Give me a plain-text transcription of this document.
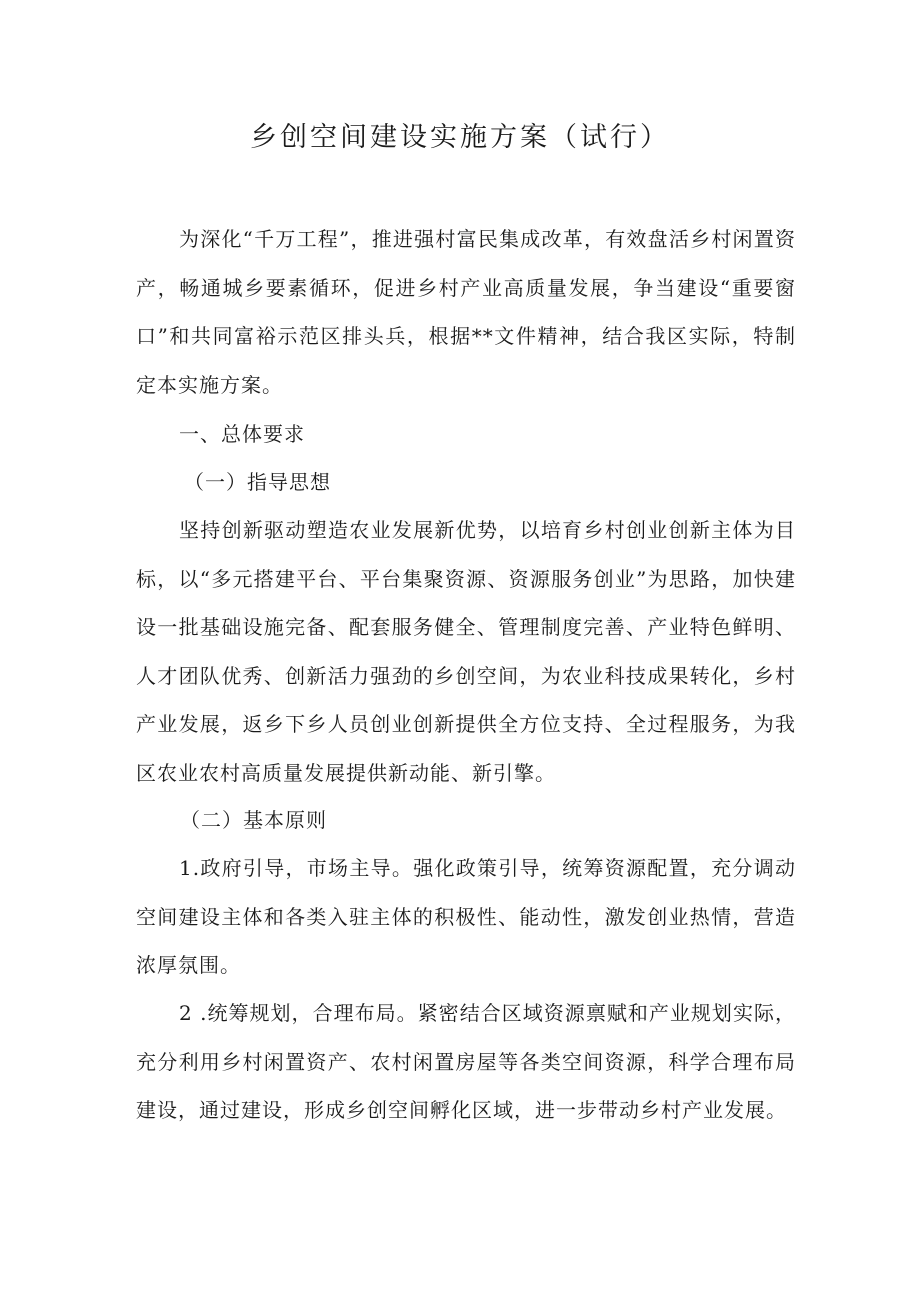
乡创空间建设实施方案（试行）

为深化“千万工程”，推进强村富民集成改革，有效盘活乡村闲置资产，畅通城乡要素循环，促进乡村产业高质量发展，争当建设“重要窗口”和共同富裕示范区排头兵，根据**文件精神，结合我区实际，特制定本实施方案。

一、总体要求

（一）指导思想

坚持创新驱动塑造农业发展新优势，以培育乡村创业创新主体为目标，以“多元搭建平台、平台集聚资源、资源服务创业”为思路，加快建设一批基础设施完备、配套服务健全、管理制度完善、产业特色鲜明、人才团队优秀、创新活力强劲的乡创空间，为农业科技成果转化，乡村产业发展，返乡下乡人员创业创新提供全方位支持、全过程服务，为我区农业农村高质量发展提供新动能、新引擎。

（二）基本原则

1.政府引导，市场主导。强化政策引导，统筹资源配置，充分调动空间建设主体和各类入驻主体的积极性、能动性，激发创业热情，营造浓厚氛围。

2 .统筹规划，合理布局。紧密结合区域资源禀赋和产业规划实际，充分利用乡村闲置资产、农村闲置房屋等各类空间资源，科学合理布局建设，通过建设，形成乡创空间孵化区域，进一步带动乡村产业发展。
